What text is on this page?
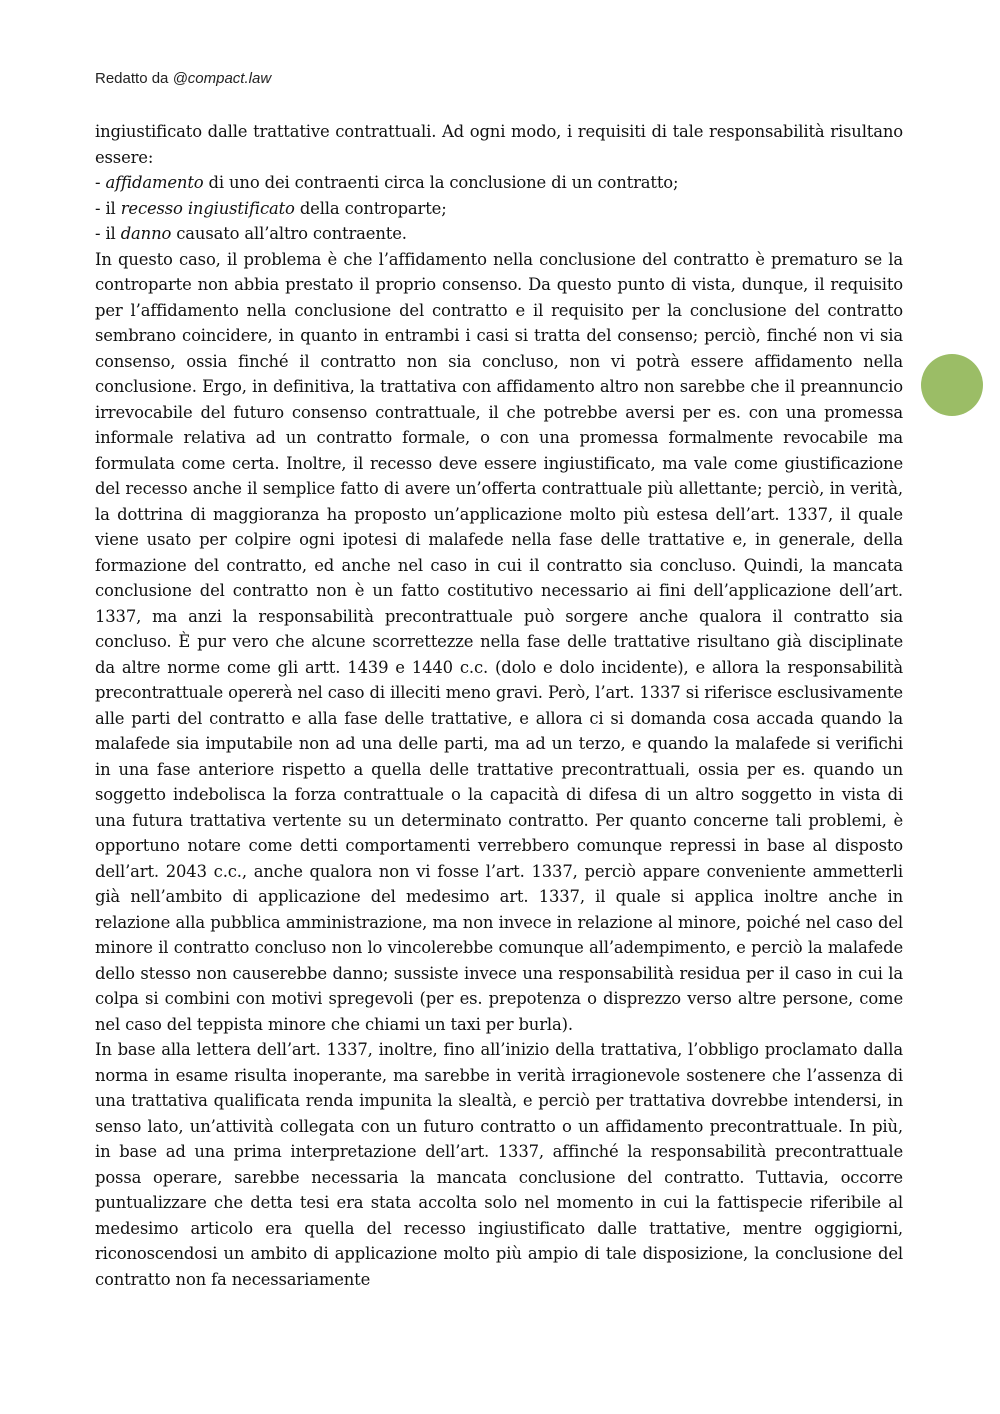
Redatto da @compact.law

ingiustificato dalle trattative contrattuali. Ad ogni modo, i requisiti di tale responsabilità risultano essere:

- affidamento di uno dei contraenti circa la conclusione di un contratto;

- il recesso ingiustificato della controparte;

- il danno causato all’altro contraente.

In questo caso, il problema è che l’affidamento nella conclusione del contratto è prematuro se la controparte non abbia prestato il proprio consenso. Da questo punto di vista, dunque, il requisito per l’affidamento nella conclusione del contratto e il requisito per la conclusione del contratto sembrano coincidere, in quanto in entrambi i casi si tratta del consenso; perciò, finché non vi sia consenso, ossia finché il contratto non sia concluso, non vi potrà essere affidamento nella conclusione. Ergo, in definitiva, la trattativa con affidamento altro non sarebbe che il preannuncio irrevocabile del futuro consenso contrattuale, il che potrebbe aversi per es. con una promessa informale relativa ad un contratto formale, o con una promessa formalmente revocabile ma formulata come certa. Inoltre, il recesso deve essere ingiustificato, ma vale come giustificazione del recesso anche il semplice fatto di avere un’offerta contrattuale più allettante; perciò, in verità, la dottrina di maggioranza ha proposto un’applicazione molto più estesa dell’art. 1337, il quale viene usato per colpire ogni ipotesi di malafede nella fase delle trattative e, in generale, della formazione del contratto, ed anche nel caso in cui il contratto sia concluso. Quindi, la mancata conclusione del contratto non è un fatto costitutivo necessario ai fini dell’applicazione dell’art. 1337, ma anzi la responsabilità precontrattuale può sorgere anche qualora il contratto sia concluso. È pur vero che alcune scorrettezze nella fase delle trattative risultano già disciplinate da altre norme come gli artt. 1439 e 1440 c.c. (dolo e dolo incidente), e allora la responsabilità precontrattuale opererà nel caso di illeciti meno gravi. Però, l’art. 1337 si riferisce esclusivamente alle parti del contratto e alla fase delle trattative, e allora ci si domanda cosa accada quando la malafede sia imputabile non ad una delle parti, ma ad un terzo, e quando la malafede si verifichi in una fase anteriore rispetto a quella delle trattative precontrattuali, ossia per es. quando un soggetto indebolisca la forza contrattuale o la capacità di difesa di un altro soggetto in vista di una futura trattativa vertente su un determinato contratto. Per quanto concerne tali problemi, è opportuno notare come detti comportamenti verrebbero comunque repressi in base al disposto dell’art. 2043 c.c., anche qualora non vi fosse l’art. 1337, perciò appare conveniente ammetterli già nell’ambito di applicazione del medesimo art. 1337, il quale si applica inoltre anche in relazione alla pubblica amministrazione, ma non invece in relazione al minore, poiché nel caso del minore il contratto concluso non lo vincolerebbe comunque all’adempimento, e perciò la malafede dello stesso non causerebbe danno; sussiste invece una responsabilità residua per il caso in cui la colpa si combini con motivi spregevoli (per es. prepotenza o disprezzo verso altre persone, come nel caso del teppista minore che chiami un taxi per burla).

In base alla lettera dell’art. 1337, inoltre, fino all’inizio della trattativa, l’obbligo proclamato dalla norma in esame risulta inoperante, ma sarebbe in verità irragionevole sostenere che l’assenza di una trattativa qualificata renda impunita la slealtà, e perciò per trattativa dovrebbe intendersi, in senso lato, un’attività collegata con un futuro contratto o un affidamento precontrattuale. In più, in base ad una prima interpretazione dell’art. 1337, affinché la responsabilità precontrattuale possa operare, sarebbe necessaria la mancata conclusione del contratto. Tuttavia, occorre puntualizzare che detta tesi era stata accolta solo nel momento in cui la fattispecie riferibile al medesimo articolo era quella del recesso ingiustificato dalle trattative, mentre oggigiorni, riconoscendosi un ambito di applicazione molto più ampio di tale disposizione, la conclusione del contratto non fa necessariamente
